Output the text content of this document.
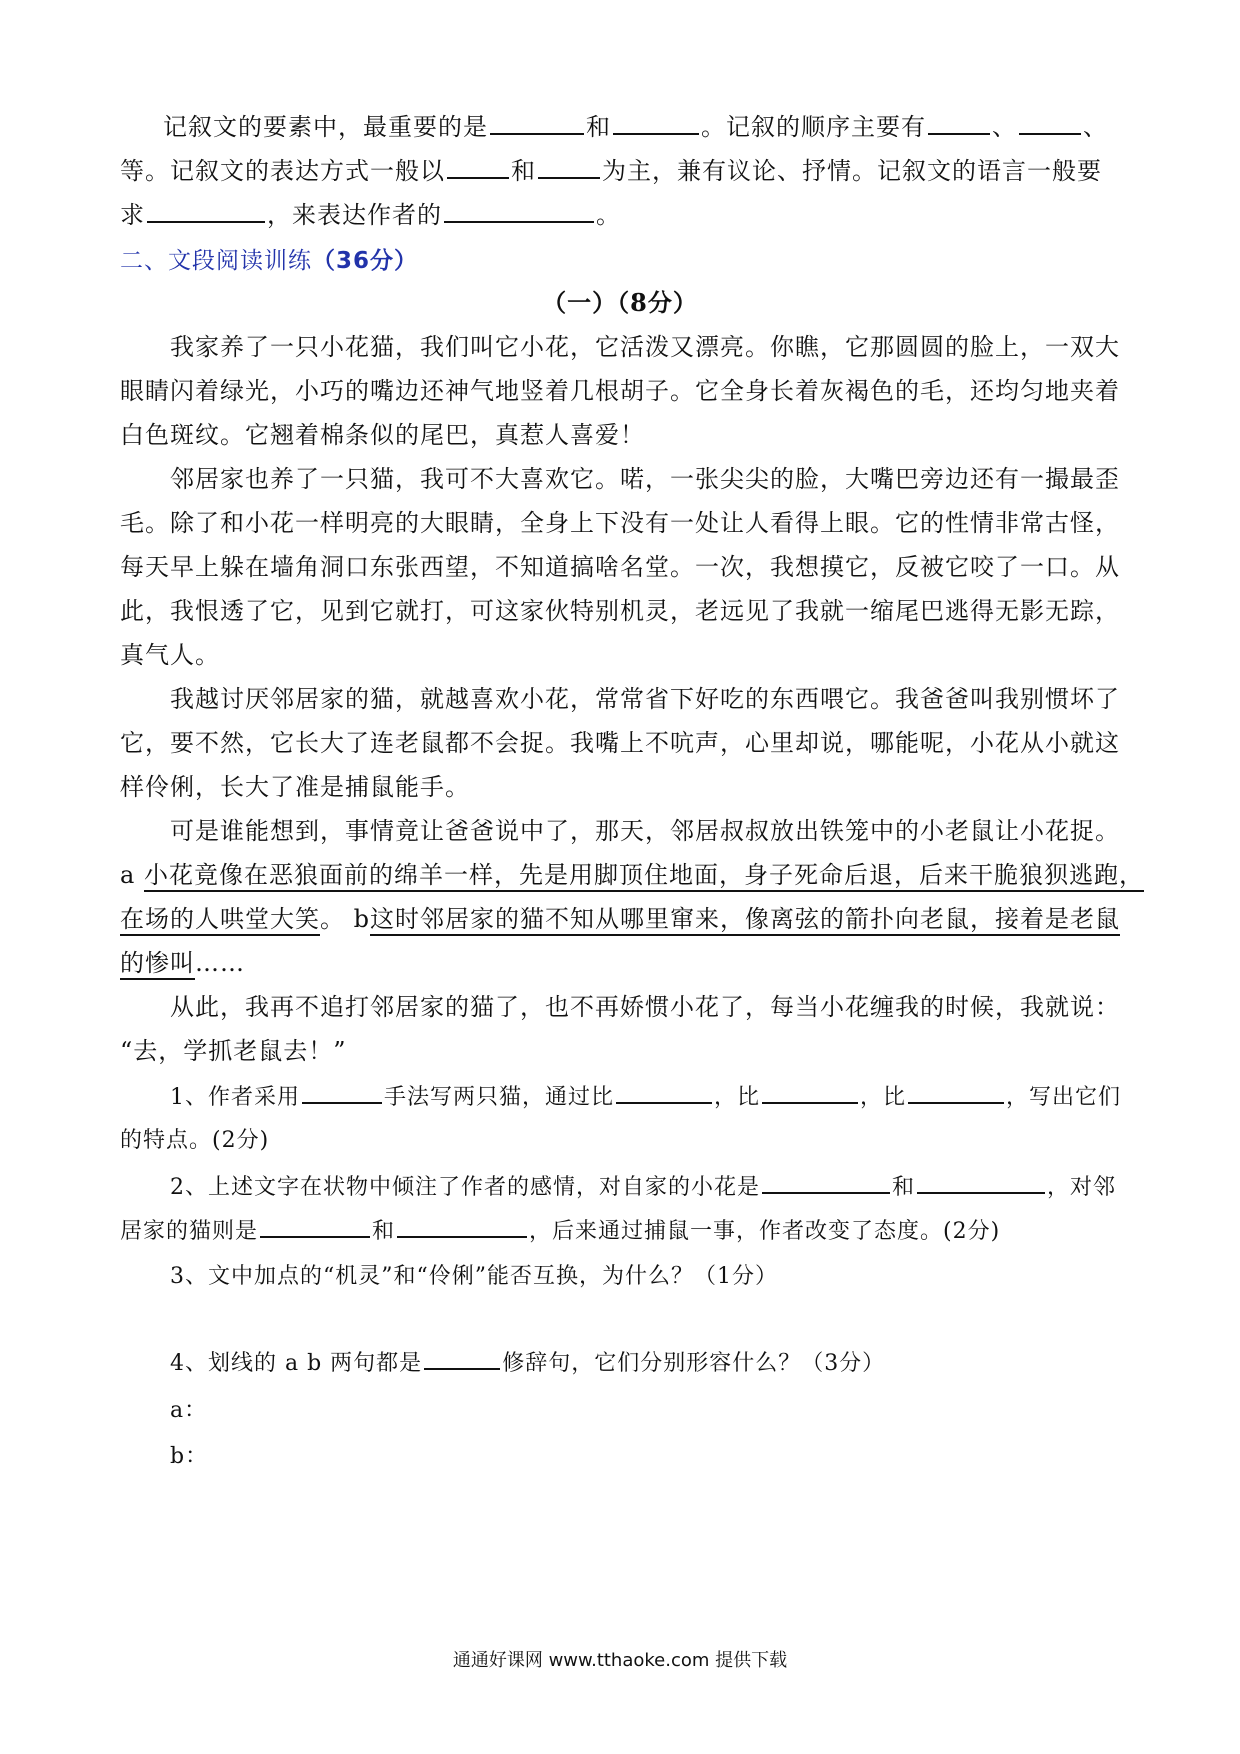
记叙文的要素中，最重要的是	和	。记叙的顺序主要有	、	、
等。记叙文的表达方式一般以	和	为主，兼有议论、抒情。记叙文的语言一般要
求	，来表达作者的	。
二、文段阅读训练（36分）
（一）（8分）
我家养了一只小花猫，我们叫它小花，它活泼又漂亮。你瞧，它那圆圆的脸上，一双大
眼睛闪着绿光，小巧的嘴边还神气地竖着几根胡子。它全身长着灰褐色的毛，还均匀地夹着
白色斑纹。它翘着棉条似的尾巴，真惹人喜爱！
邻居家也养了一只猫，我可不大喜欢它。喏，一张尖尖的脸，大嘴巴旁边还有一撮最歪
毛。除了和小花一样明亮的大眼睛，全身上下没有一处让人看得上眼。它的性情非常古怪，
每天早上躲在墙角洞口东张西望，不知道搞啥名堂。一次，我想摸它，反被它咬了一口。从
此，我恨透了它，见到它就打，可这家伙特别机灵，老远见了我就一缩尾巴逃得无影无踪，
真气人。
我越讨厌邻居家的猫，就越喜欢小花，常常省下好吃的东西喂它。我爸爸叫我别惯坏了
它，要不然，它长大了连老鼠都不会捉。我嘴上不吭声，心里却说，哪能呢，小花从小就这
样伶俐，长大了准是捕鼠能手。
可是谁能想到，事情竟让爸爸说中了，那天，邻居叔叔放出铁笼中的小老鼠让小花捉。
a 小花竟像在恶狼面前的绵羊一样，先是用脚顶住地面，身子死命后退，后来干脆狼狈逃跑，
在场的人哄堂大笑。 b这时邻居家的猫不知从哪里窜来，像离弦的箭扑向老鼠，接着是老鼠
的惨叫……
从此，我再不追打邻居家的猫了，也不再娇惯小花了，每当小花缠我的时候，我就说：
“去，学抓老鼠去！”
1、作者采用	手法写两只猫，通过比	，比	，比	，写出它们
的特点。(2分)
2、上述文字在状物中倾注了作者的感情，对自家的小花是	和	，对邻
居家的猫则是	和	，后来通过捕鼠一事，作者改变了态度。(2分)
3、文中加点的“机灵”和“伶俐”能否互换，为什么？（1分）
4、划线的 a b 两句都是	修辞句，它们分别形容什么？（3分）
a：
b：
通通好课网 www.tthaoke.com 提供下载
